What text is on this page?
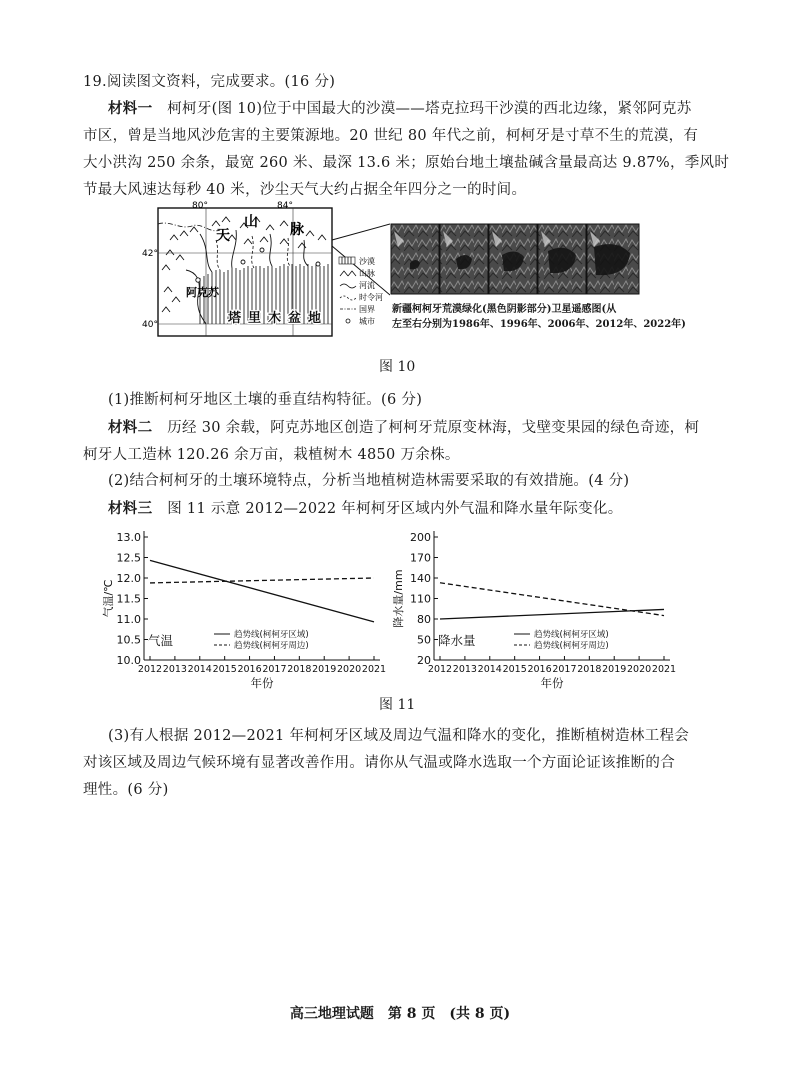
19.阅读图文资料，完成要求。(16 分)
材料一　 柯柯牙(图 10)位于中国最大的沙漠——塔克拉玛干沙漠的西北边缘，紧邻阿克苏
市区，曾是当地风沙危害的主要策源地。20 世纪 80 年代之前，柯柯牙是寸草不生的荒漠，有
大小洪沟 250 余条，最宽 260 米、最深 13.6 米；原始台地土壤盐碱含量最高达 9.87%，季风时
节最大风速达每秒 40 米，沙尘天气大约占据全年四分之一的时间。
80°	84°
42°
40°
天
山 脉
阿克苏
塔 里 木 盆 地
沙漠
山脉
河流
时令河
国界
城市
新疆柯柯牙荒漠绿化(黑色阴影部分)卫星遥感图(从
左至右分别为1986年、1996年、2006年、2012年、2022年)
图 10
(1)推断柯柯牙地区土壤的垂直结构特征。(6 分)
材料二　 历经 30 余载，阿克苏地区创造了柯柯牙荒原变林海，戈壁变果园的绿色奇迹，柯
柯牙人工造林 120.26 余万亩，栽植树木 4850 万余株。
(2)结合柯柯牙的土壤环境特点，分析当地植树造林需要采取的有效措施。(4 分)
材料三　 图 11 示意 2012—2022 年柯柯牙区域内外气温和降水量年际变化。
13.0
12.5
12.0
11.5
11.0
10.5
10.0
2012 2013 2014 2015 2016 2017 2018 2019 2020 2021
气温/℃
年份
气温	趋势线(柯柯牙区域)
趋势线(柯柯牙周边)
200
170
140
110
80
50
20
2012 2013 2014 2015 2016 2017 2018 2019 2020 2021
降水量/mm
年份
降水量	趋势线(柯柯牙区域)
趋势线(柯柯牙周边)
图 11
(3)有人根据 2012—2021 年柯柯牙区域及周边气温和降水的变化，推断植树造林工程会
对该区域及周边气候环境有显著改善作用。请你从气温或降水选取一个方面论证该推断的合
理性。(6 分)
高三地理试题　第 8 页　(共 8 页)
